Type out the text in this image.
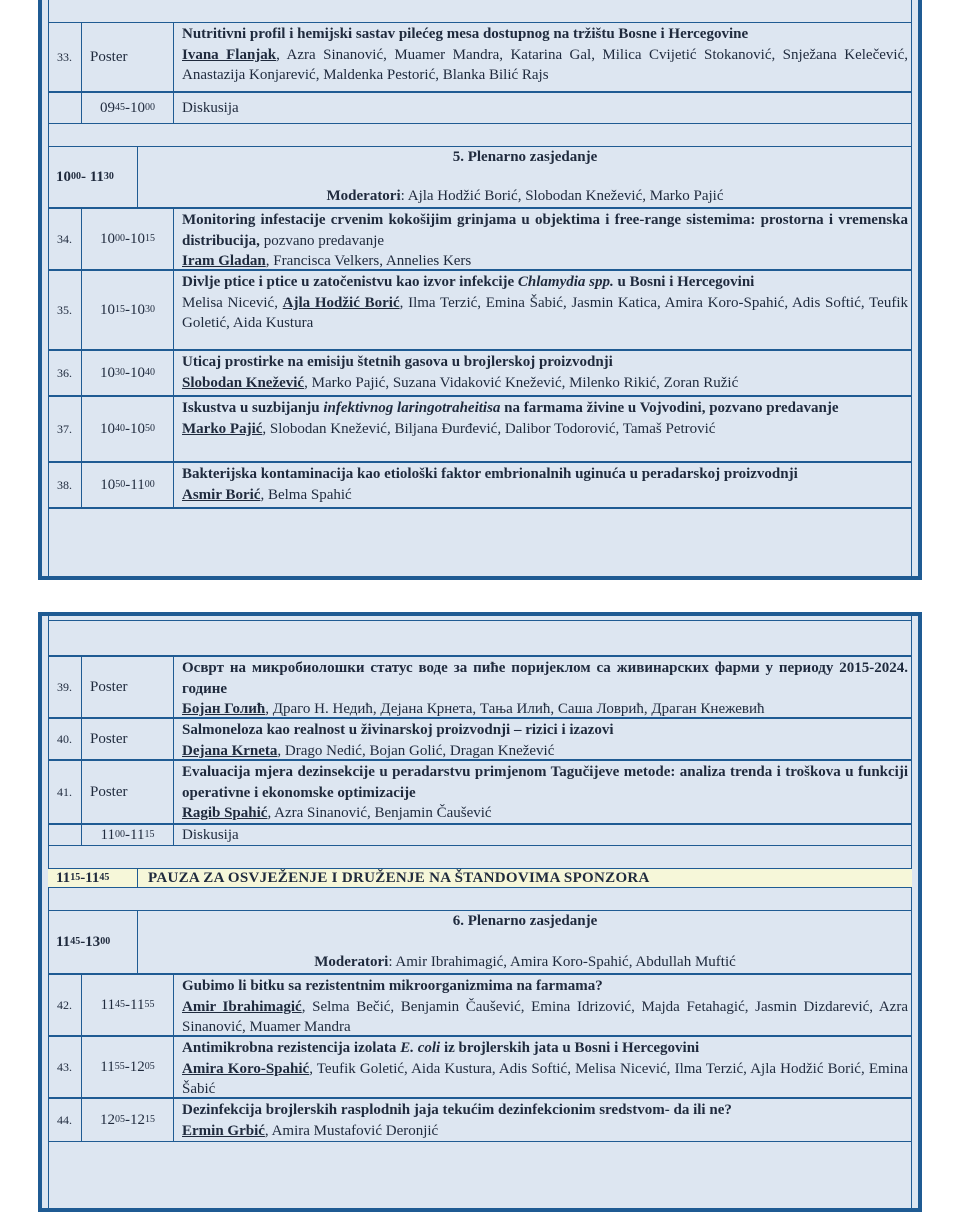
33.	Poster
Nutritivni profil i hemijski sastav pilećeg mesa dostupnog na tržištu Bosne i Hercegovine
Ivana Flanjak, Azra Sinanović, Muamer Mandra, Katarina Gal, Milica Cvijetić Stokanović, Snježana Kelečević, Anastazija Konjarević, Maldenka Pestorić, Blanka Bilić Rajs
09 45 -10 00 Diskusija
10 00 - 11 30
5. Plenarno zasjedanje
Moderatori: Ajla Hodžić Borić, Slobodan Knežević, Marko Pajić
34.	10 00 -10 15
Monitoring infestacije crvenim kokošijim grinjama u objektima i free-range sistemima: prostorna i vremenska distribucija, pozvano predavanje
Iram Gladan, Francisca Velkers, Annelies Kers
35.	10 15 -10 30
Divlje ptice i ptice u zatočenistvu kao izvor infekcije Chlamydia spp. u Bosni i Hercegovini
Melisa Nicević, Ajla Hodžić Borić, Ilma Terzić, Emina Šabić, Jasmin Katica, Amira Koro-Spahić, Adis Softić, Teufik Goletić, Aida Kustura
36.	10 30 -10 40
Uticaj prostirke na emisiju štetnih gasova u brojlerskoj proizvodnji
Slobodan Knežević, Marko Pajić, Suzana Vidaković Knežević, Milenko Rikić, Zoran Ružić
37.	10 40 -10 50
Iskustva u suzbijanju infektivnog laringotraheitisa na farmama živine u Vojvodini, pozvano predavanje
Marko Pajić, Slobodan Knežević, Biljana Đurđević, Dalibor Todorović, Tamaš Petrović
38.	10 50 -11 00
Bakterijska kontaminacija kao etiološki faktor embrionalnih uginuća u peradarskoj proizvodnji
Asmir Borić, Belma Spahić
39.	Poster
Осврт на микробиолошки статус воде за пиће поријеклом са живинарских фарми у периоду 2015-2024. године
Бојан Голић, Драго Н. Недић, Дејана Крнета, Тања Илић, Саша Ловрић, Драган Кнежевић
40.	Poster
Salmoneloza kao realnost u živinarskoj proizvodnji – rizici i izazovi
Dejana Krneta, Drago Nedić, Bojan Golić, Dragan Knežević
41.	Poster
Evaluacija mjera dezinsekcije u peradarstvu primjenom Tagučijeve metode: analiza trenda i troškova u funkciji operativne i ekonomske optimizacije
Ragib Spahić, Azra Sinanović, Benjamin Čaušević
11 00 -11 15 Diskusija
11 15 -11 45	PAUZA ZA OSVJEŽENJE I DRUŽENJE NA ŠTANDOVIMA SPONZORA
11 45 -13 00
6. Plenarno zasjedanje
Moderatori: Amir Ibrahimagić, Amira Koro-Spahić, Abdullah Muftić
42.	11 45 -11 55
Gubimo li bitku sa rezistentnim mikroorganizmima na farmama?
Amir Ibrahimagić, Selma Bečić, Benjamin Čaušević, Emina Idrizović, Majda Fetahagić, Jasmin Dizdarević, Azra Sinanović, Muamer Mandra
43.	11 55 -12 05
Antimikrobna rezistencija izolata E. coli iz brojlerskih jata u Bosni i Hercegovini
Amira Koro-Spahić, Teufik Goletić, Aida Kustura, Adis Softić, Melisa Nicević, Ilma Terzić, Ajla Hodžić Borić, Emina Šabić
44.	12 05 -12 15
Dezinfekcija brojlerskih rasplodnih jaja tekućim dezinfekcionim sredstvom- da ili ne?
Ermin Grbić, Amira Mustafović Deronjić
